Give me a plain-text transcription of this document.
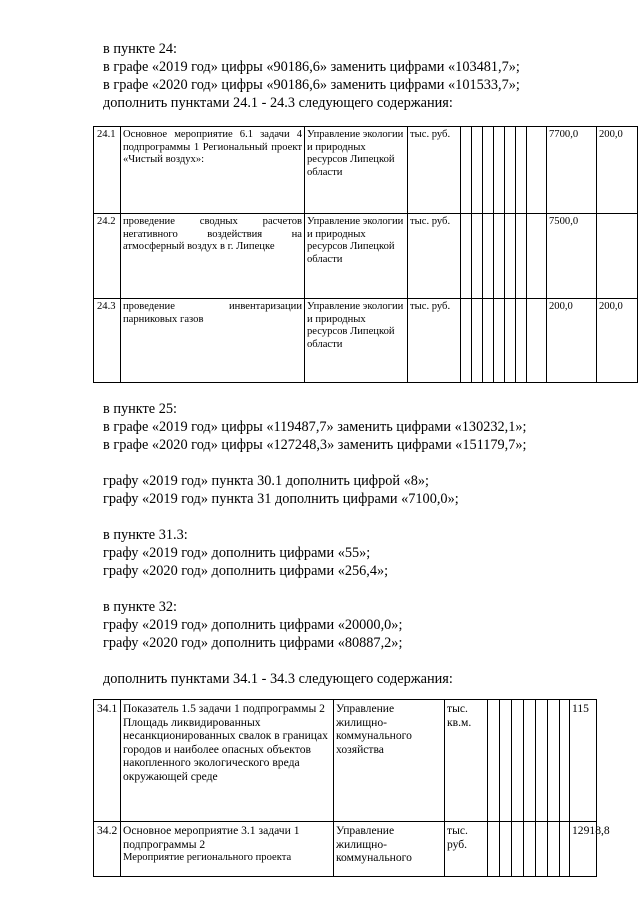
в пункте 24:
в графе «2019 год» цифры «90186,6» заменить цифрами «103481,7»;
в графе «2020 год» цифры «90186,6» заменить цифрами «101533,7»;
дополнить пунктами 24.1 - 24.3 следующего содержания:
24.1	Основное мероприятие 6.1 задачи 4 подпрограммы 1 Региональный проект «Чистый воздух»:	Управление экологии и природных ресурсов Липецкой области	тыс. руб.								7700,0	200,0
24.2	проведение сводных расчетов негативного воздействия на атмосферный воздух в г. Липецке	Управление экологии и природных ресурсов Липецкой области	тыс. руб.								7500,0	
24.3	проведение инвентаризации парниковых газов	Управление экологии и природных ресурсов Липецкой области	тыс. руб.								200,0	200,0
в пункте 25:
в графе «2019 год» цифры «119487,7» заменить цифрами «130232,1»;
в графе «2020 год» цифры «127248,3» заменить цифрами «151179,7»;
графу «2019 год» пункта 30.1 дополнить цифрой «8»;
графу «2019 год» пункта 31 дополнить цифрами «7100,0»;
в пункте 31.3:
графу «2019 год» дополнить цифрами «55»;
графу «2020 год» дополнить цифрами «256,4»;
в пункте 32:
графу «2019 год» дополнить цифрами «20000,0»;
графу «2020 год» дополнить цифрами «80887,2»;
дополнить пунктами 34.1 - 34.3 следующего содержания:
34.1	Показатель 1.5 задачи 1 подпрограммы 2 Площадь ликвидированных несанкционированных свалок в границах городов и наиболее опасных объектов накопленного экологического вреда окружающей среде	Управление жилищно-коммунального хозяйства	тыс. кв.м.								115
34.2	Основное мероприятие 3.1 задачи 1 подпрограммы 2
Мероприятие регионального проекта	Управление жилищно-коммунального	тыс. руб.								12918,8
